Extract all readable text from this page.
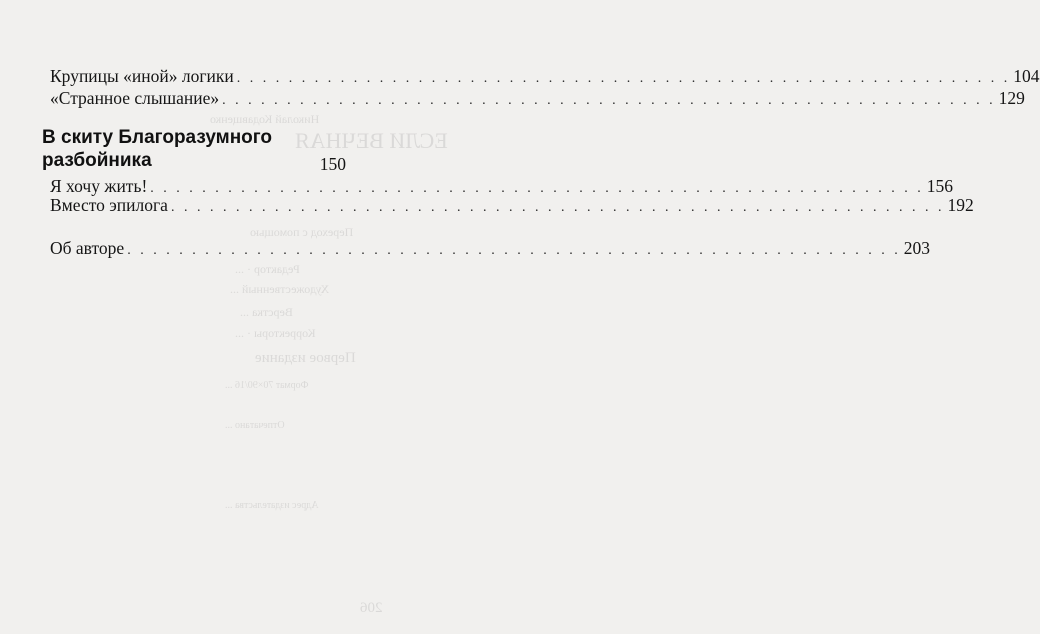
Николай Кодавщенко
ЕСЛИ ВЕЧНАЯ
Переход с помощью
Редактор · ...
Художественный ...
Верстка ...
Корректоры · ...
Первое издание
Формат 70×90/16 ...
Отпечатано ...
Адрес издательства ...
206
Крупицы «иной» логики . . .	104
«Странное слышание» . . .	129
В скиту Благоразумного
разбойника	150
Я хочу жить! . . .	156
Вместо эпилога . . .	192
Об авторе . . .	203
